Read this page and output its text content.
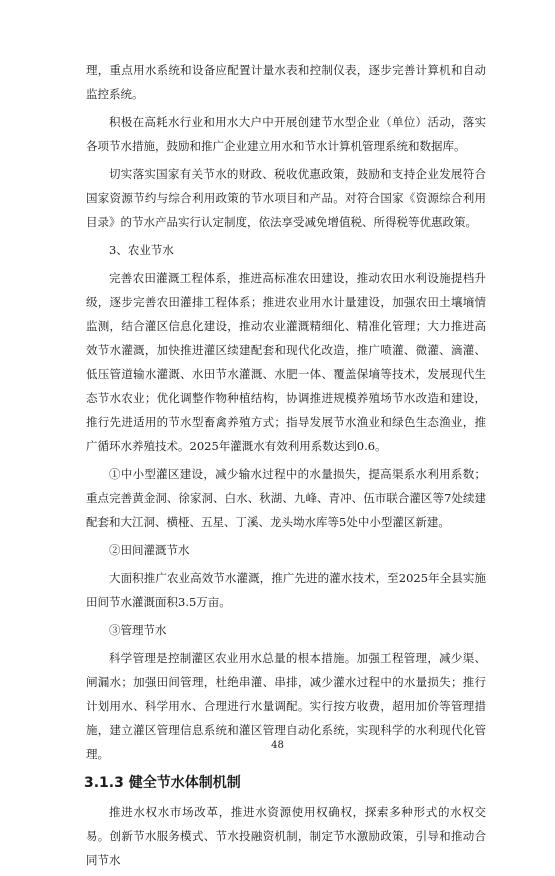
理，重点用水系统和设备应配置计量水表和控制仪表，逐步完善计算机和自动监控系统。

积极在高耗水行业和用水大户中开展创建节水型企业（单位）活动，落实各项节水措施，鼓励和推广企业建立用水和节水计算机管理系统和数据库。

切实落实国家有关节水的财政、税收优惠政策，鼓励和支持企业发展符合国家资源节约与综合利用政策的节水项目和产品。对符合国家《资源综合利用目录》的节水产品实行认定制度，依法享受减免增值税、所得税等优惠政策。

3、农业节水

完善农田灌溉工程体系，推进高标准农田建设，推动农田水利设施提档升级，逐步完善农田灌排工程体系；推进农业用水计量建设，加强农田土壤墒情监测，结合灌区信息化建设，推动农业灌溉精细化、精准化管理；大力推进高效节水灌溉，加快推进灌区续建配套和现代化改造，推广喷灌、微灌、滴灌、低压管道输水灌溉、水田节水灌溉、水肥一体、覆盖保墒等技术，发展现代生态节水农业；优化调整作物种植结构，协调推进规模养殖场节水改造和建设，推行先进适用的节水型畜禽养殖方式；指导发展节水渔业和绿色生态渔业，推广循环水养殖技术。2025年灌溉水有效利用系数达到0.6。

①中小型灌区建设，减少输水过程中的水量损失，提高渠系水利用系数；重点完善黄金洞、徐家洞、白水、秋湖、九峰、青冲、伍市联合灌区等7处续建配套和大江洞、横桠、五星、丁溪、龙头坳水库等5处中小型灌区新建。

②田间灌溉节水

大面积推广农业高效节水灌溉，推广先进的灌水技术，至2025年全县实施田间节水灌溉面积3.5万亩。

③管理节水

科学管理是控制灌区农业用水总量的根本措施。加强工程管理，减少渠、闸漏水；加强田间管理，杜绝串灌、串排，减少灌水过程中的水量损失；推行计划用水、科学用水、合理进行水量调配。实行按方收费，超用加价等管理措施，建立灌区管理信息系统和灌区管理自动化系统，实现科学的水利现代化管理。

3.1.3 健全节水体制机制

推进水权水市场改革，推进水资源使用权确权，探索多种形式的水权交易。创新节水服务模式、节水投融资机制，制定节水激励政策，引导和推动合同节水

48
